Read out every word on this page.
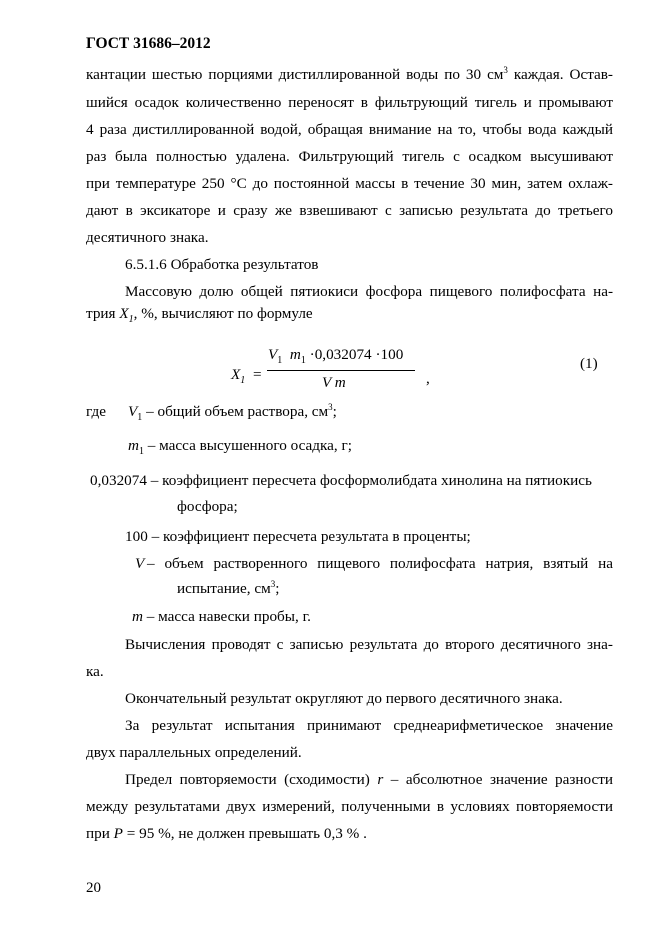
ГОСТ 31686–2012
кантации шестью порциями дистиллированной воды по 30 $см^3$ каждая. Остав-
шийся осадок количественно переносят в фильтрующий тигель и промывают
4 раза дистиллированной водой, обращая внимание на то, чтобы вода каждый
раз была полностью удалена. Фильтрующий тигель с осадком высушивают
при температуре 250 °С до постоянной массы в течение 30 мин, затем охлаж-
дают в эксикаторе и сразу же взвешивают с записью результата до третьего
десятичного знака.
6.5.1.6 Обработка результатов
Массовую долю общей пятиокиси фосфора пищевого полифосфата на-
трия $X_1$, %, вычисляют по формуле
$X_1$ =
$V_1$ $m_1 \cdot 0,032074 \cdot 100$
V m	,
(1)
где $V_1$ – общий объем раствора, $см^3$;
$m_1$ – масса высушенного осадка, г;
0,032074 – коэффициент пересчета фосформолибдата хинолина на пятиокись
фосфора;
100 – коэффициент пересчета результата в проценты;
V – объем растворенного пищевого полифосфата натрия, взятый на
испытание, $см^3$;
m – масса навески пробы, г.
Вычисления проводят с записью результата до второго десятичного зна-
ка.
Окончательный результат округляют до первого десятичного знака.
За результат испытания принимают среднеарифметическое значение
двух параллельных определений.
Предел повторяемости (сходимости) r – абсолютное значение разности
между результатами двух измерений, полученными в условиях повторяемости
при P = 95 %, не должен превышать 0,3 % .
20
